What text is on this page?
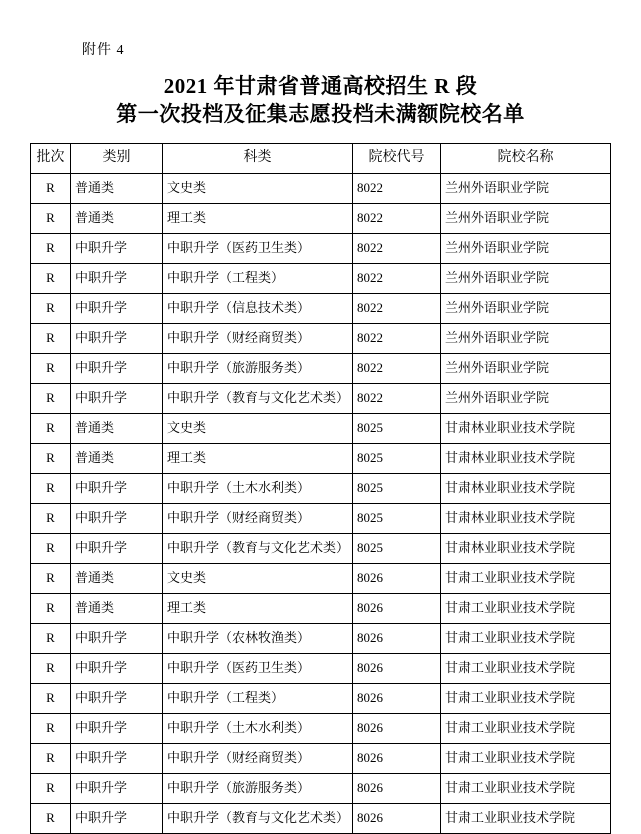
附件 4
2021 年甘肃省普通高校招生 R 段
第一次投档及征集志愿投档未满额院校名单
批次	类别	科类	院校代号	院校名称
R	普通类	文史类	8022	兰州外语职业学院
R	普通类	理工类	8022	兰州外语职业学院
R	中职升学	中职升学（医药卫生类）	8022	兰州外语职业学院
R	中职升学	中职升学（工程类）	8022	兰州外语职业学院
R	中职升学	中职升学（信息技术类）	8022	兰州外语职业学院
R	中职升学	中职升学（财经商贸类）	8022	兰州外语职业学院
R	中职升学	中职升学（旅游服务类）	8022	兰州外语职业学院
R	中职升学	中职升学（教育与文化艺术类）	8022	兰州外语职业学院
R	普通类	文史类	8025	甘肃林业职业技术学院
R	普通类	理工类	8025	甘肃林业职业技术学院
R	中职升学	中职升学（土木水利类）	8025	甘肃林业职业技术学院
R	中职升学	中职升学（财经商贸类）	8025	甘肃林业职业技术学院
R	中职升学	中职升学（教育与文化艺术类）	8025	甘肃林业职业技术学院
R	普通类	文史类	8026	甘肃工业职业技术学院
R	普通类	理工类	8026	甘肃工业职业技术学院
R	中职升学	中职升学（农林牧渔类）	8026	甘肃工业职业技术学院
R	中职升学	中职升学（医药卫生类）	8026	甘肃工业职业技术学院
R	中职升学	中职升学（工程类）	8026	甘肃工业职业技术学院
R	中职升学	中职升学（土木水利类）	8026	甘肃工业职业技术学院
R	中职升学	中职升学（财经商贸类）	8026	甘肃工业职业技术学院
R	中职升学	中职升学（旅游服务类）	8026	甘肃工业职业技术学院
R	中职升学	中职升学（教育与文化艺术类）	8026	甘肃工业职业技术学院
